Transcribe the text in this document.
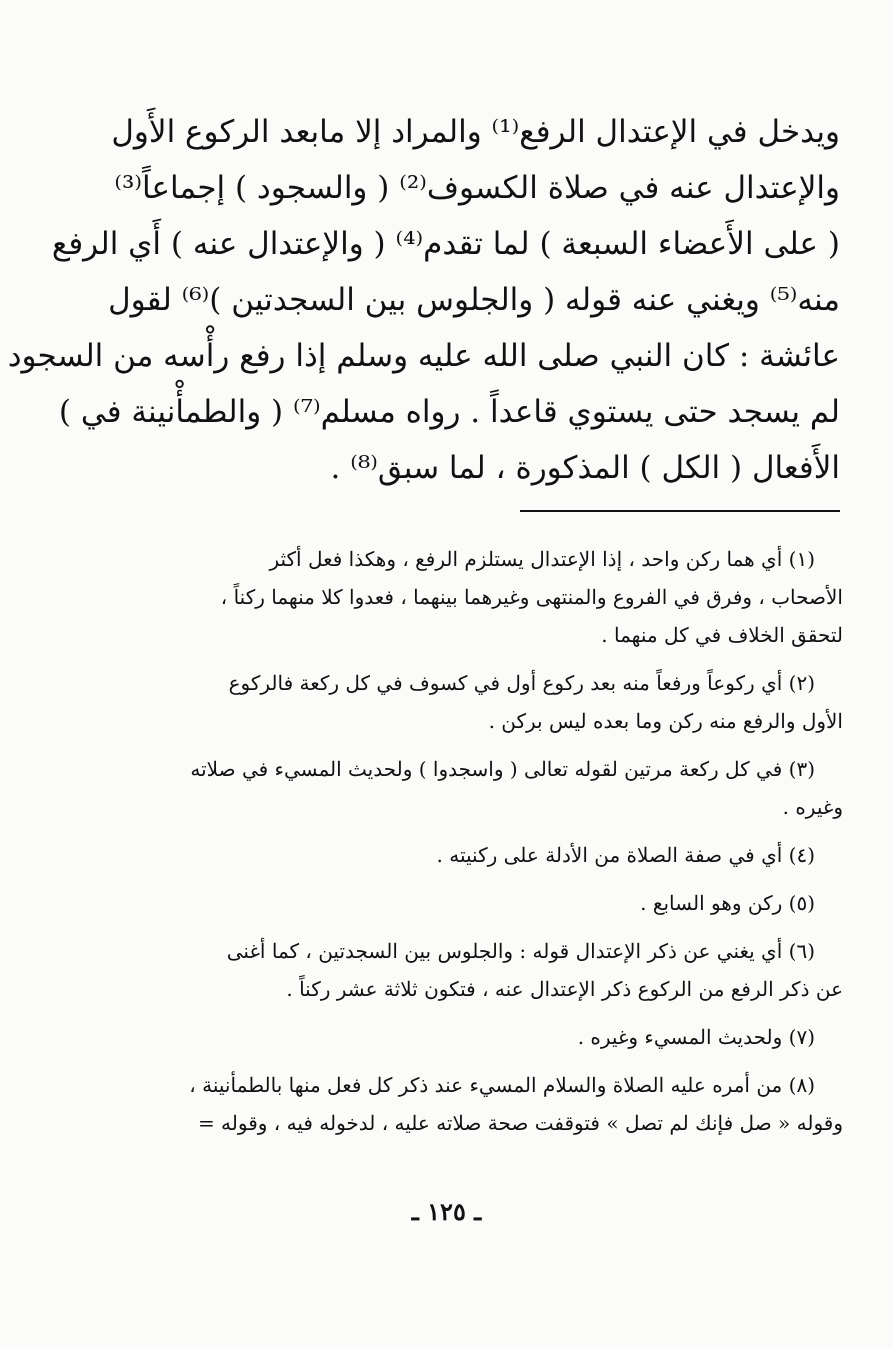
ويدخل في الإعتدال الرفع⁽¹⁾ والمراد إلا مابعد الركوع الأَول
والإعتدال عنه في صلاة الكسوف⁽²⁾ ( والسجود ) إجماعاً⁽³⁾
( على الأَعضاء السبعة ) لما تقدم⁽⁴⁾ ( والإعتدال عنه ) أَي الرفع
منه⁽⁵⁾ ويغني عنه قوله ( والجلوس بين السجدتين )⁽⁶⁾ لقول
عائشة : كان النبي صلى الله عليه وسلم إذا رفع رأْسه من السجود
لم يسجد حتى يستوي قاعداً . رواه مسلم⁽⁷⁾ ( والطمأْنينة في )
الأَفعال ( الكل ) المذكورة ، لما سبق⁽⁸⁾ .
(١) أي هما ركن واحد ، إذا الإعتدال يستلزم الرفع ، وهكذا فعل أكثر
الأصحاب ، وفرق في الفروع والمنتهى وغيرهما بينهما ، فعدوا كلا منهما ركناً ،
لتحقق الخلاف في كل منهما .
(٢) أي ركوعاً ورفعاً منه بعد ركوع أول في كسوف في كل ركعة فالركوع
الأول والرفع منه ركن وما بعده ليس بركن .
(٣) في كل ركعة مرتين لقوله تعالى ( واسجدوا ) ولحديث المسيء في صلاته
وغيره .
(٤) أي في صفة الصلاة من الأدلة على ركنيته .
(٥) ركن وهو السابع .
(٦) أي يغني عن ذكر الإعتدال قوله : والجلوس بين السجدتين ، كما أغنى
عن ذكر الرفع من الركوع ذكر الإعتدال عنه ، فتكون ثلاثة عشر ركناً .
(٧) ولحديث المسيء وغيره .
(٨) من أمره عليه الصلاة والسلام المسيء عند ذكر كل فعل منها بالطمأنينة ،
وقوله « صل فإنك لم تصل » فتوقفت صحة صلاته عليه ، لدخوله فيه ، وقوله =
ـ ١٢٥ ـ
